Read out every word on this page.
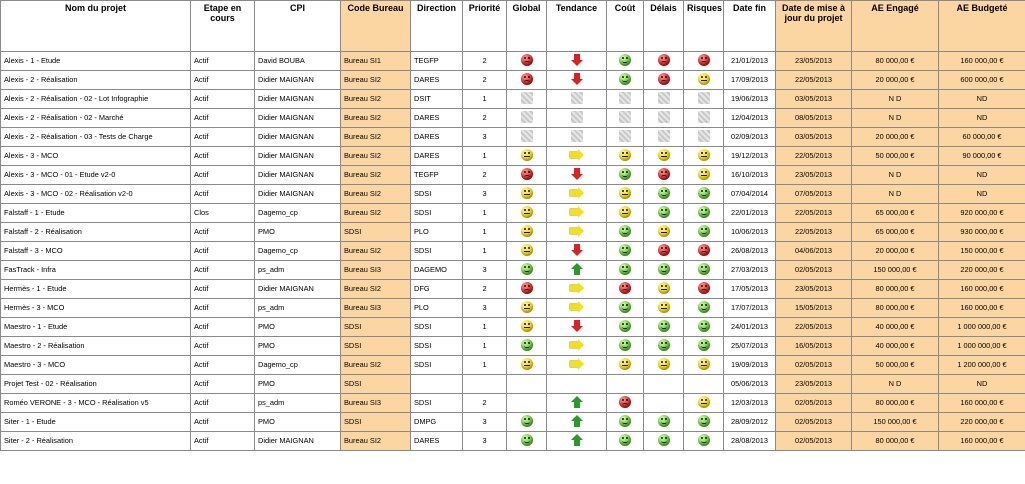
Nom du projet	Etape en cours	CPI	Code Bureau	Direction	Priorité	Global	Tendance	Coût	Délais	Risques	Date fin	Date de mise à jour du projet	AE Engagé	AE Budgeté
Alexis - 1 - Etude	Actif	David BOUBA	Bureau SI1	TEGFP	2						21/01/2013	23/05/2013	80 000,00 €	160 000,00 €
Alexis - 2 - Réalisation	Actif	Didier MAIGNAN	Bureau SI2	DARES	2						17/09/2013	22/05/2013	20 000,00 €	600 000,00 €
Alexis - 2 - Réalisation - 02 - Lot Infographie	Actif	Didier MAIGNAN	Bureau SI2	DSIT	1						19/06/2013	03/05/2013	N D	ND
Alexis - 2 - Réalisation - 02 - Marché	Actif	Didier MAIGNAN	Bureau SI2	DARES	2						12/04/2013	08/05/2013	N D	ND
Alexis - 2 - Réalisation - 03 - Tests de Charge	Actif	Didier MAIGNAN	Bureau SI2	DARES	3						02/09/2013	03/05/2013	20 000,00 €	60 000,00 €
Alexis - 3 - MCO	Actif	Didier MAIGNAN	Bureau SI2	DARES	1						19/12/2013	22/05/2013	50 000,00 €	90 000,00 €
Alexis - 3 - MCO - 01 - Etude v2-0	Actif	Didier MAIGNAN	Bureau SI2	TEGFP	2						16/10/2013	23/05/2013	N D	ND
Alexis - 3 - MCO - 02 - Réalisation v2-0	Actif	Didier MAIGNAN	Bureau SI2	SDSI	3						07/04/2014	07/05/2013	N D	ND
Falstaff - 1 - Etude	Clos	Dagemo_cp	Bureau SI2	SDSI	1						22/01/2013	22/05/2013	65 000,00 €	920 000,00 €
Falstaff - 2 - Réalisation	Actif	PMO	SDSI	PLO	1						10/06/2013	22/05/2013	65 000,00 €	930 000,00 €
Falstaff - 3 - MCO	Actif	Dagemo_cp	Bureau SI2	SDSI	1						26/08/2013	04/06/2013	20 000,00 €	150 000,00 €
FasTrack - Infra	Actif	ps_adm	Bureau SI3	DAGEMO	3						27/03/2013	02/05/2013	150 000,00 €	220 000,00 €
Hermès - 1 - Etude	Actif	Didier MAIGNAN	Bureau SI2	DFG	2						17/05/2013	23/05/2013	80 000,00 €	160 000,00 €
Hermès - 3 - MCO	Actif	ps_adm	Bureau SI3	PLO	3						17/07/2013	15/05/2013	80 000,00 €	160 000,00 €
Maestro - 1 - Etude	Actif	PMO	SDSI	SDSI	1						24/01/2013	22/05/2013	40 000,00 €	1 000 000,00 €
Maestro - 2 - Réalisation	Actif	PMO	SDSI	SDSI	1						25/07/2013	16/05/2013	40 000,00 €	1 000 000,00 €
Maestro - 3 - MCO	Actif	Dagemo_cp	Bureau SI2	SDSI	1						19/09/2013	02/05/2013	50 000,00 €	1 200 000,00 €
Projet Test - 02 - Réalisation	Actif	PMO	SDSI								05/06/2013	23/05/2013	N D	ND
Roméo VERONE - 3 - MCO - Réalisation v5	Actif	ps_adm	Bureau SI3	SDSI	2						12/03/2013	02/05/2013	80 000,00 €	160 000,00 €
Siter - 1 - Etude	Actif	PMO	SDSI	DMPG	3						28/09/2012	02/05/2013	150 000,00 €	220 000,00 €
Siter - 2 - Réalisation	Actif	Didier MAIGNAN	Bureau SI2	DARES	3						28/08/2013	02/05/2013	80 000,00 €	160 000,00 €
